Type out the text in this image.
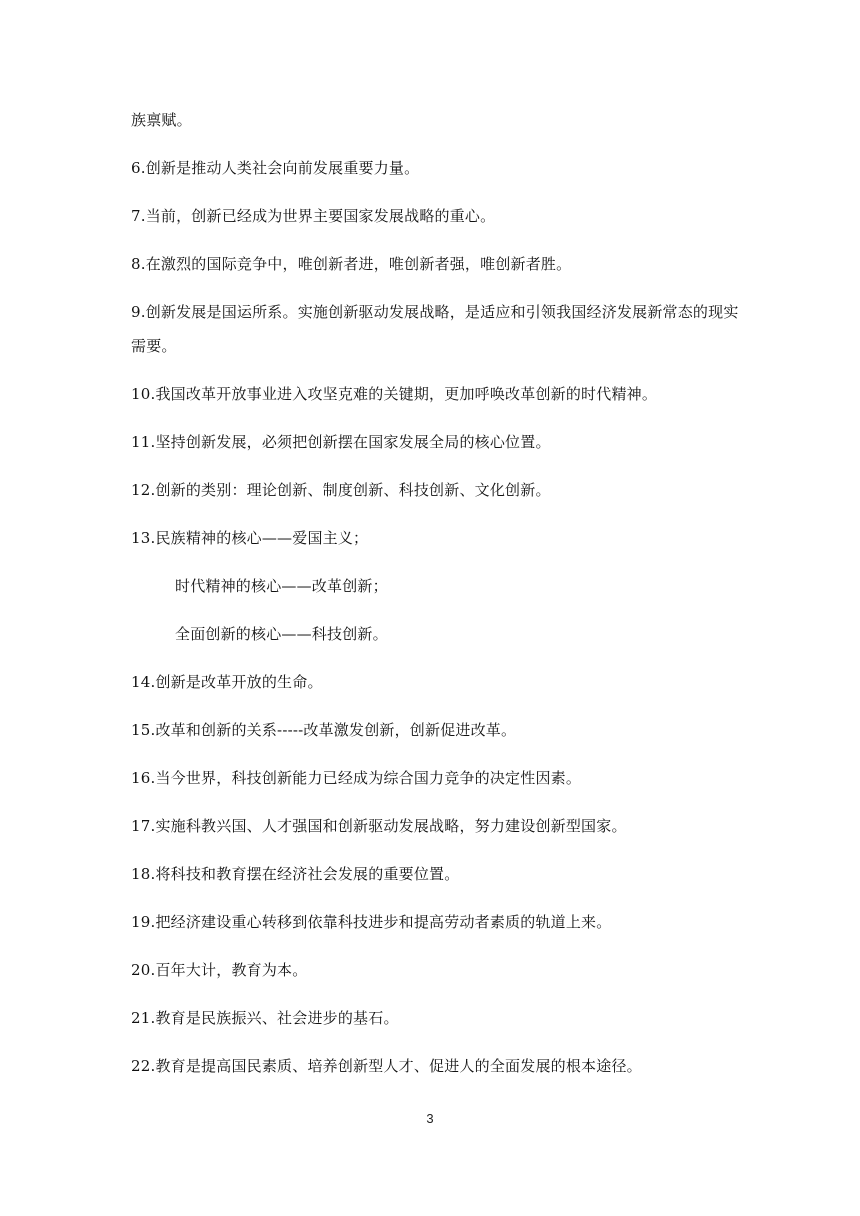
族禀赋。
6.创新是推动人类社会向前发展重要力量。
7.当前，创新已经成为世界主要国家发展战略的重心。
8.在激烈的国际竞争中，唯创新者进，唯创新者强，唯创新者胜。
9.创新发展是国运所系。实施创新驱动发展战略，是适应和引领我国经济发展新常态的现实
需要。
10.我国改革开放事业进入攻坚克难的关键期，更加呼唤改革创新的时代精神。
11.坚持创新发展，必须把创新摆在国家发展全局的核心位置。
12.创新的类别：理论创新、制度创新、科技创新、文化创新。
13.民族精神的核心——爱国主义；
时代精神的核心——改革创新；
全面创新的核心——科技创新。
14.创新是改革开放的生命。
15.改革和创新的关系-----改革激发创新，创新促进改革。
16.当今世界，科技创新能力已经成为综合国力竞争的决定性因素。
17.实施科教兴国、人才强国和创新驱动发展战略，努力建设创新型国家。
18.将科技和教育摆在经济社会发展的重要位置。
19.把经济建设重心转移到依靠科技进步和提高劳动者素质的轨道上来。
20.百年大计，教育为本。
21.教育是民族振兴、社会进步的基石。
22.教育是提高国民素质、培养创新型人才、促进人的全面发展的根本途径。
3
